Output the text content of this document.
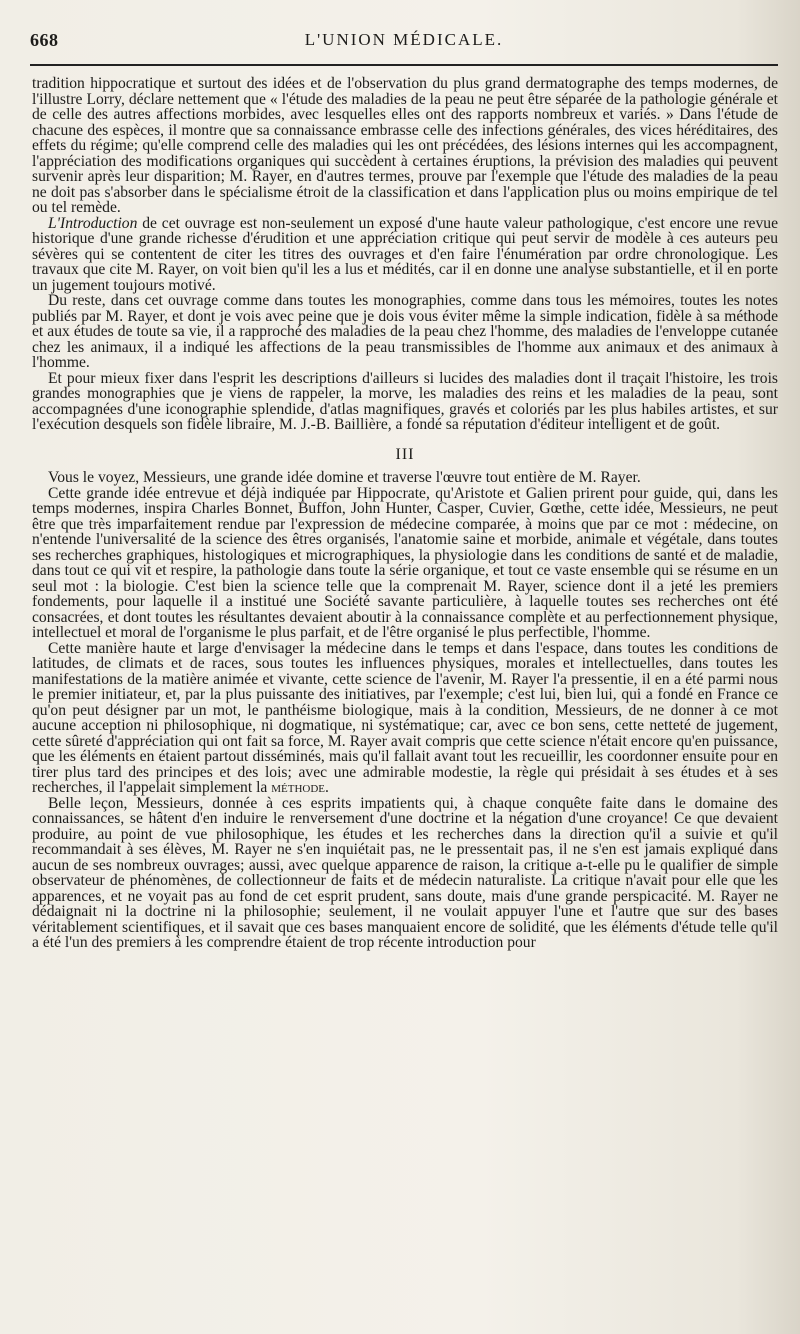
668	L'UNION MÉDICALE.

tradition hippocratique et surtout des idées et de l'observation du plus grand dermatographe des temps modernes, de l'illustre Lorry, déclare nettement que « l'étude des maladies de la peau ne peut être séparée de la pathologie générale et de celle des autres affections morbides, avec lesquelles elles ont des rapports nombreux et variés. » Dans l'étude de chacune des espèces, il montre que sa connaissance embrasse celle des infections générales, des vices héréditaires, des effets du régime; qu'elle comprend celle des maladies qui les ont précédées, des lésions internes qui les accompagnent, l'appréciation des modifications organiques qui succèdent à certaines éruptions, la prévision des maladies qui peuvent survenir après leur disparition; M. Rayer, en d'autres termes, prouve par l'exemple que l'étude des maladies de la peau ne doit pas s'absorber dans le spécialisme étroit de la classification et dans l'application plus ou moins empirique de tel ou tel remède.

L'Introduction de cet ouvrage est non-seulement un exposé d'une haute valeur pathologique, c'est encore une revue historique d'une grande richesse d'érudition et une appréciation critique qui peut servir de modèle à ces auteurs peu sévères qui se contentent de citer les titres des ouvrages et d'en faire l'énumération par ordre chronologique. Les travaux que cite M. Rayer, on voit bien qu'il les a lus et médités, car il en donne une analyse substantielle, et il en porte un jugement toujours motivé.

Du reste, dans cet ouvrage comme dans toutes les monographies, comme dans tous les mémoires, toutes les notes publiés par M. Rayer, et dont je vois avec peine que je dois vous éviter même la simple indication, fidèle à sa méthode et aux études de toute sa vie, il a rapproché des maladies de la peau chez l'homme, des maladies de l'enveloppe cutanée chez les animaux, il a indiqué les affections de la peau transmissibles de l'homme aux animaux et des animaux à l'homme.

Et pour mieux fixer dans l'esprit les descriptions d'ailleurs si lucides des maladies dont il traçait l'histoire, les trois grandes monographies que je viens de rappeler, la morve, les maladies des reins et les maladies de la peau, sont accompagnées d'une iconographie splendide, d'atlas magnifiques, gravés et coloriés par les plus habiles artistes, et sur l'exécution desquels son fidèle libraire, M. J.-B. Baillière, a fondé sa réputation d'éditeur intelligent et de goût.

III

Vous le voyez, Messieurs, une grande idée domine et traverse l'œuvre tout entière de M. Rayer.

Cette grande idée entrevue et déjà indiquée par Hippocrate, qu'Aristote et Galien prirent pour guide, qui, dans les temps modernes, inspira Charles Bonnet, Buffon, John Hunter, Casper, Cuvier, Gœthe, cette idée, Messieurs, ne peut être que très imparfaitement rendue par l'expression de médecine comparée, à moins que par ce mot : médecine, on n'entende l'universalité de la science des êtres organisés, l'anatomie saine et morbide, animale et végétale, dans toutes ses recherches graphiques, histologiques et micrographiques, la physiologie dans les conditions de santé et de maladie, dans tout ce qui vit et respire, la pathologie dans toute la série organique, et tout ce vaste ensemble qui se résume en un seul mot : la biologie. C'est bien la science telle que la comprenait M. Rayer, science dont il a jeté les premiers fondements, pour laquelle il a institué une Société savante particulière, à laquelle toutes ses recherches ont été consacrées, et dont toutes les résultantes devaient aboutir à la connaissance complète et au perfectionnement physique, intellectuel et moral de l'organisme le plus parfait, et de l'être organisé le plus perfectible, l'homme.

Cette manière haute et large d'envisager la médecine dans le temps et dans l'espace, dans toutes les conditions de latitudes, de climats et de races, sous toutes les influences physiques, morales et intellectuelles, dans toutes les manifestations de la matière animée et vivante, cette science de l'avenir, M. Rayer l'a pressentie, il en a été parmi nous le premier initiateur, et, par la plus puissante des initiatives, par l'exemple; c'est lui, bien lui, qui a fondé en France ce qu'on peut désigner par un mot, le panthéisme biologique, mais à la condition, Messieurs, de ne donner à ce mot aucune acception ni philosophique, ni dogmatique, ni systématique; car, avec ce bon sens, cette netteté de jugement, cette sûreté d'appréciation qui ont fait sa force, M. Rayer avait compris que cette science n'était encore qu'en puissance, que les éléments en étaient partout disséminés, mais qu'il fallait avant tout les recueillir, les coordonner ensuite pour en tirer plus tard des principes et des lois; avec une admirable modestie, la règle qui présidait à ses études et à ses recherches, il l'appelait simplement la méthode.

Belle leçon, Messieurs, donnée à ces esprits impatients qui, à chaque conquête faite dans le domaine des connaissances, se hâtent d'en induire le renversement d'une doctrine et la négation d'une croyance! Ce que devaient produire, au point de vue philosophique, les études et les recherches dans la direction qu'il a suivie et qu'il recommandait à ses élèves, M. Rayer ne s'en inquiétait pas, ne le pressentait pas, il ne s'en est jamais expliqué dans aucun de ses nombreux ouvrages; aussi, avec quelque apparence de raison, la critique a-t-elle pu le qualifier de simple observateur de phénomènes, de collectionneur de faits et de médecin naturaliste. La critique n'avait pour elle que les apparences, et ne voyait pas au fond de cet esprit prudent, sans doute, mais d'une grande perspicacité. M. Rayer ne dédaignait ni la doctrine ni la philosophie; seulement, il ne voulait appuyer l'une et l'autre que sur des bases véritablement scientifiques, et il savait que ces bases manquaient encore de solidité, que les éléments d'étude telle qu'il a été l'un des premiers à les comprendre étaient de trop récente introduction pour
